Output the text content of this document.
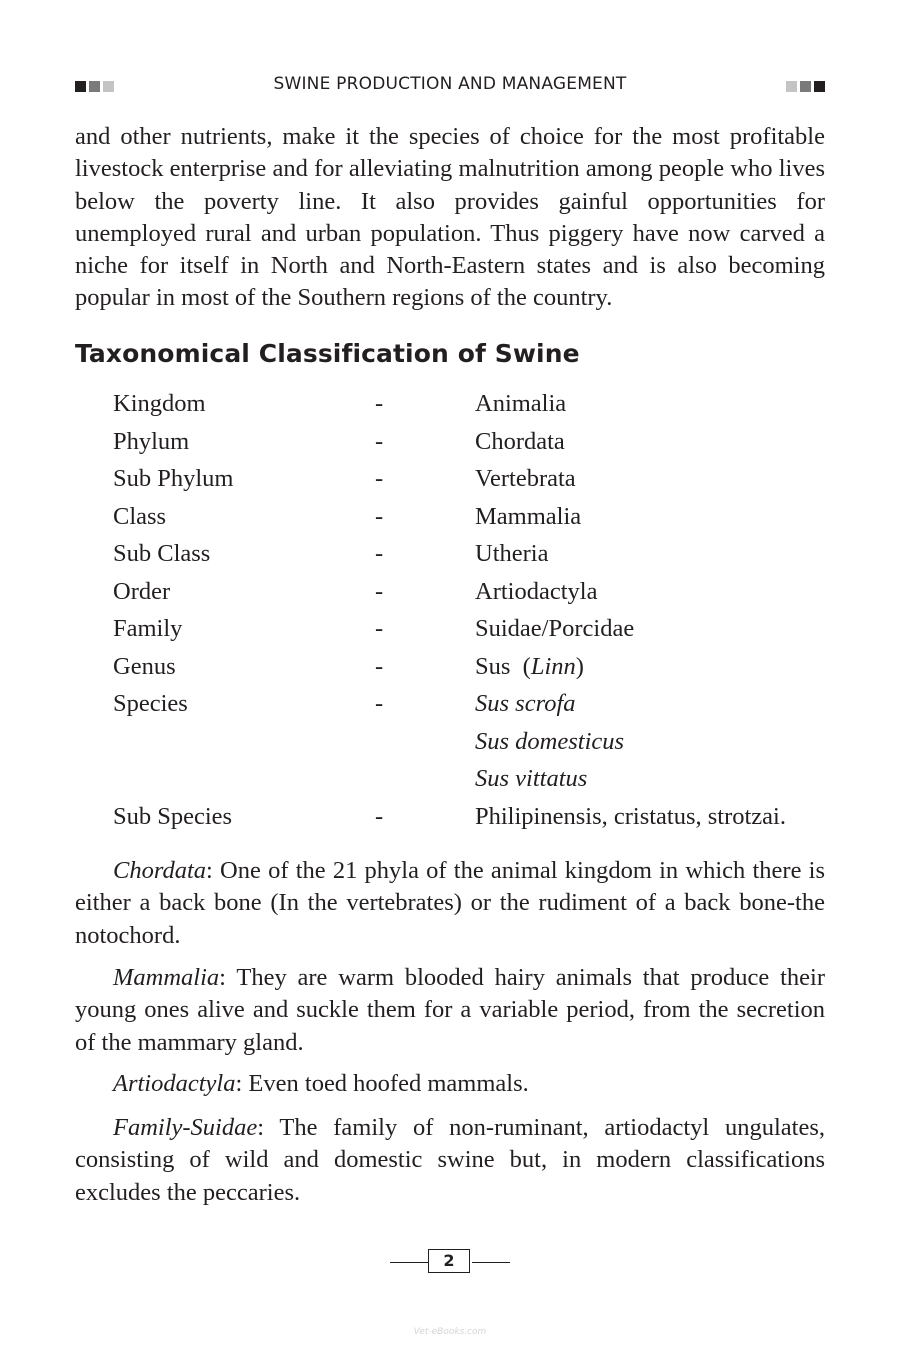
SWINE PRODUCTION AND MANAGEMENT

and other nutrients, make it the species of choice for the most profitable livestock enterprise and for alleviating malnutrition among people who lives below the poverty line. It also provides gainful opportunities for unemployed rural and urban population. Thus piggery have now carved a niche for itself in North and North-Eastern states and is also becoming popular in most of the Southern regions of the country.

Taxonomical Classification of Swine
Kingdom	-	Animalia
Phylum	-	Chordata
Sub Phylum	-	Vertebrata
Class	-	Mammalia
Sub Class	-	Utheria
Order	-	Artiodactyla
Family	-	Suidae/Porcidae
Genus	-	Sus  (Linn)
Species	-	Sus scrofa
Sus domesticus
Sus vittatus
Sub Species	-	Philipinensis, cristatus, strotzai.

Chordata: One of the 21 phyla of the animal kingdom in which there is either a back bone (In the vertebrates) or the rudiment of a back bone-the notochord.

Mammalia: They are warm blooded hairy animals that produce their young ones alive and suckle them for a variable period, from the secretion of the mammary gland.

Artiodactyla: Even toed hoofed mammals.

Family-Suidae: The family of non-ruminant, artiodactyl ungulates, consisting of wild and domestic swine but, in modern classifications excludes the peccaries.

2
Vet-eBooks.com
